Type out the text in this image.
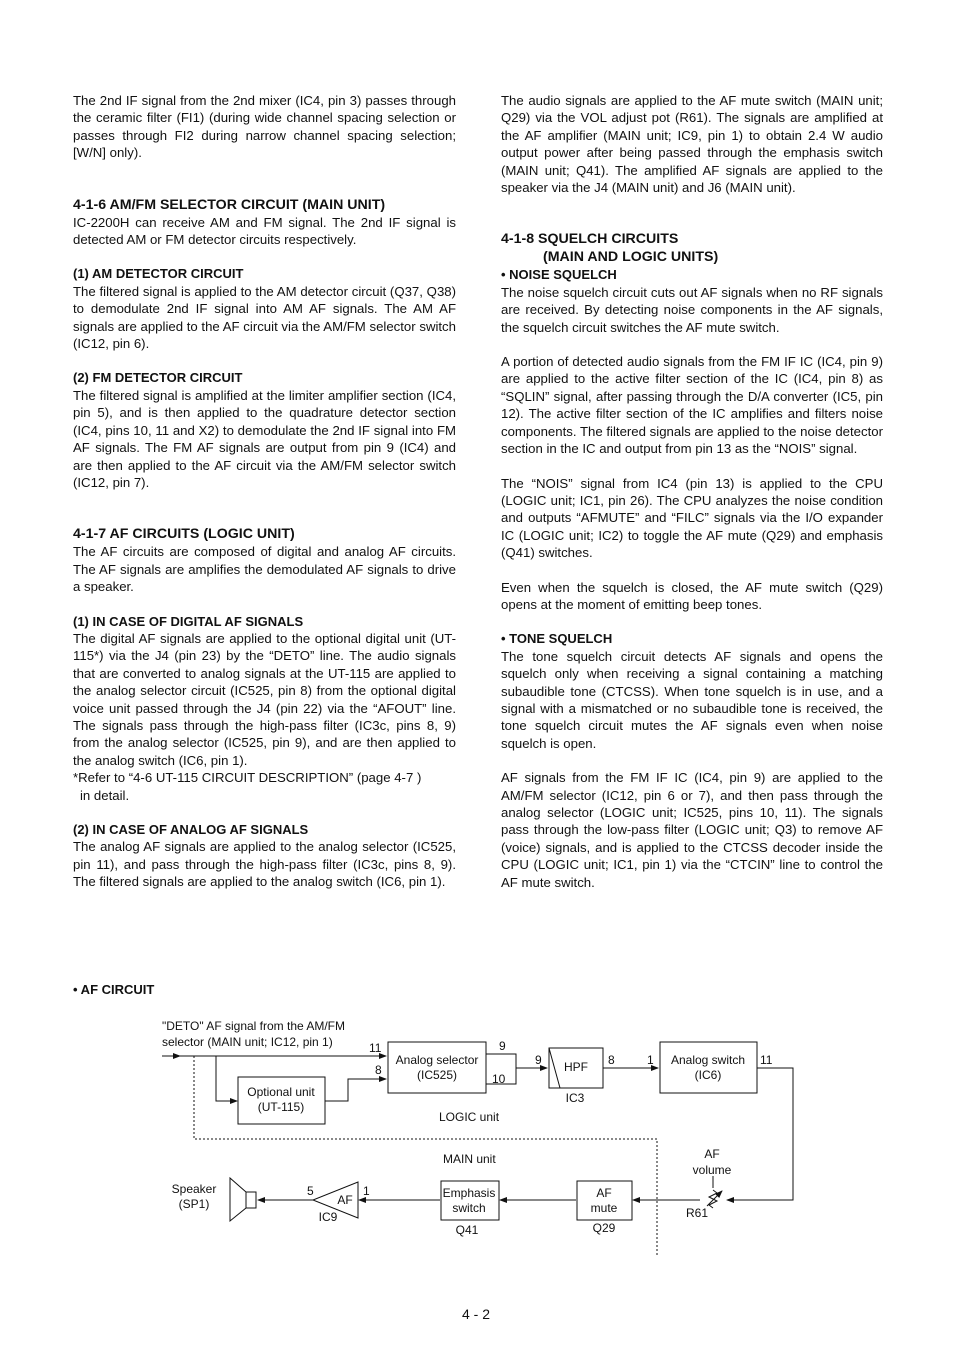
The 2nd IF signal from the 2nd mixer (IC4, pin 3) passes through the ceramic filter (FI1) (during wide channel spacing selection or passes through FI2 during narrow channel spacing selection; [W/N] only).

4-1-6 AM/FM SELECTOR CIRCUIT (MAIN UNIT)

IC-2200H can receive AM and FM signal. The 2nd IF signal is detected AM or FM detector circuits respectively.

(1) AM DETECTOR CIRCUIT

The filtered signal is applied to the AM detector circuit (Q37, Q38) to demodulate 2nd IF signal into AM AF signals. The AM AF signals are applied to the AF circuit via the AM/FM selector switch (IC12, pin 6).

(2) FM DETECTOR CIRCUIT

The filtered signal is amplified at the limiter amplifier section (IC4, pin 5), and is then applied to the quadrature detector section (IC4, pins 10, 11 and X2) to demodulate the 2nd IF signal into FM AF signals. The FM AF signals are output from pin 9 (IC4) and are then applied to the AF circuit via the AM/FM selector switch (IC12, pin 7).

4-1-7 AF CIRCUITS (LOGIC UNIT)

The AF circuits are composed of digital and analog AF circuits. The AF signals are amplifies the demodulated AF signals to drive a speaker.

(1) IN CASE OF DIGITAL AF SIGNALS

The digital AF signals are applied to the optional digital unit (UT-115*) via the J4 (pin 23) by the “DETO” line. The audio signals that are converted to analog signals at the UT-115 are applied to the analog selector circuit (IC525, pin 8) from the optional digital voice unit passed through the J4 (pin 22) via the “AFOUT” line. The signals pass through the high-pass filter (IC3c, pins 8, 9) from the analog selector (IC525, pin 9), and are then applied to the analog switch (IC6, pin 1).

*Refer to “4-6 UT-115 CIRCUIT DESCRIPTION” (page 4-7 )
in detail.

(2) IN CASE OF ANALOG AF SIGNALS

The analog AF signals are applied to the analog selector (IC525, pin 11), and pass through the high-pass filter (IC3c, pins 8, 9). The filtered signals are applied to the analog switch (IC6, pin 1).

The audio signals are applied to the AF mute switch (MAIN unit; Q29) via the VOL adjust pot (R61). The signals are amplified at the AF amplifier (MAIN unit; IC9, pin 1) to obtain 2.4 W audio output power after being passed through the emphasis switch (MAIN unit; Q41). The amplified AF signals are applied to the speaker via the J4 (MAIN unit) and J6 (MAIN unit).

4-1-8 SQUELCH CIRCUITS
(MAIN AND LOGIC UNITS)
• NOISE SQUELCH

The noise squelch circuit cuts out AF signals when no RF signals are received. By detecting noise components in the AF signals, the squelch circuit switches the AF mute switch.

A portion of detected audio signals from the FM IF IC (IC4, pin 9) are applied to the active filter section of the IC (IC4, pin 8) as “SQLIN” signal, after passing through the D/A converter (IC5, pin 12). The active filter section of the IC amplifies and filters noise components. The filtered signals are applied to the noise detector section in the IC and output from pin 13 as the “NOIS” signal.

The “NOIS” signal from IC4 (pin 13) is applied to the CPU (LOGIC unit; IC1, pin 26). The CPU analyzes the noise condition and outputs “AFMUTE” and “FILC” signals via the I/O expander IC (LOGIC unit; IC2) to toggle the AF mute (Q29) and emphasis (Q41) switches.

Even when the squelch is closed, the AF mute switch (Q29) opens at the moment of emitting beep tones.

• TONE SQUELCH

The tone squelch circuit detects AF signals and opens the squelch only when receiving a signal containing a matching subaudible tone (CTCSS). When tone squelch is in use, and a signal with a mismatched or no subaudible tone is received, the tone squelch circuit mutes the AF signals even when noise squelch is open.

AF signals from the FM IF IC (IC4, pin 9) are applied to the AM/FM selector (IC12, pin 6 or 7), and then pass through the analog selector (LOGIC unit; IC525, pins 10, 11). The signals pass through the low-pass filter (LOGIC unit; Q3) to remove AF (voice) signals, and is applied to the CTCSS decoder inside the CPU (LOGIC unit; IC1, pin 1) via the “CTCIN” line to control the AF mute switch.

• AF CIRCUIT
"DETO" AF signal from the AM/FM
selector (MAIN unit; IC12, pin 1)
Optional unit
(UT-115)
Analog selector
(IC525)
HPF
IC3
Analog switch
(IC6)
LOGIC unit
MAIN unit	AF
volume
R61
AF
mute
Q29
Emphasis
switch
Q41
AF
IC9
Speaker
(SP1)
11
8
9
10
9	8	1	11
5	1
4 - 2
